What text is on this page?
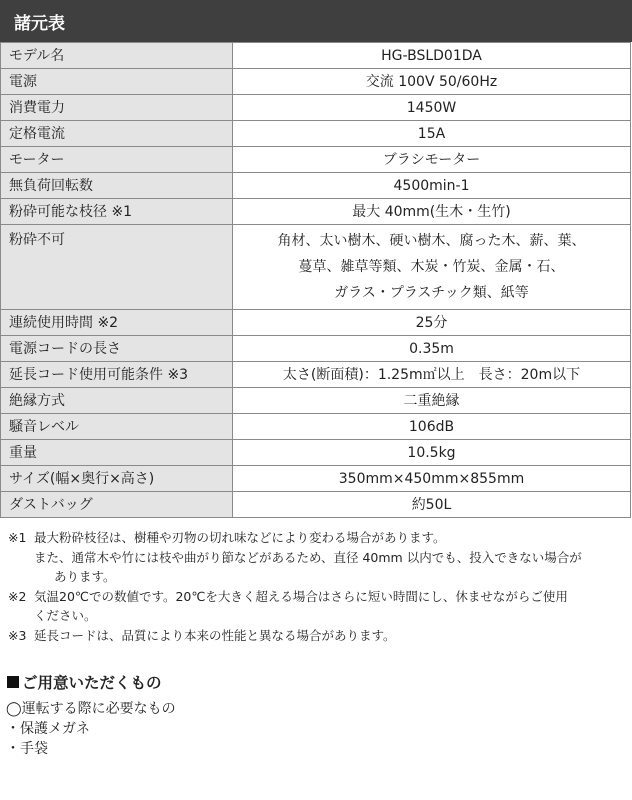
諸元表
モデル名	HG-BSLD01DA
電源	交流 100V 50/60Hz
消費電力	1450W
定格電流	15A
モーター	ブラシモーター
無負荷回転数	4500min-1
粉砕可能な枝径 ※1	最大 40mm(生木・生竹)
粉砕不可	角材、太い樹木、硬い樹木、腐った木、薪、葉、
蔓草、雑草等類、木炭・竹炭、金属・石、
ガラス・プラスチック類、紙等

連続使用時間 ※2	25分
電源コードの長さ	0.35m
延長コード使用可能条件 ※3	太さ(断面積)：1.25m㎡以上　長さ：20m以下
絶縁方式	二重絶縁
騒音レベル	106dB
重量	10.5kg
サイズ(幅×奥行×高さ)	350mm×450mm×855mm
ダストバッグ	約50L
※1 最大粉砕枝径は、樹種や刃物の切れ味などにより変わる場合があります。
また、通常木や竹には枝や曲がり節などがあるため、直径 40mm 以内でも、投入できない場合が
あります。
※2 気温20℃での数値です。20℃を大きく超える場合はさらに短い時間にし、休ませながらご使用
ください。
※3 延長コードは、品質により本来の性能と異なる場合があります。
ご用意いただくもの
◯運転する際に必要なもの
・保護メガネ
・手袋
